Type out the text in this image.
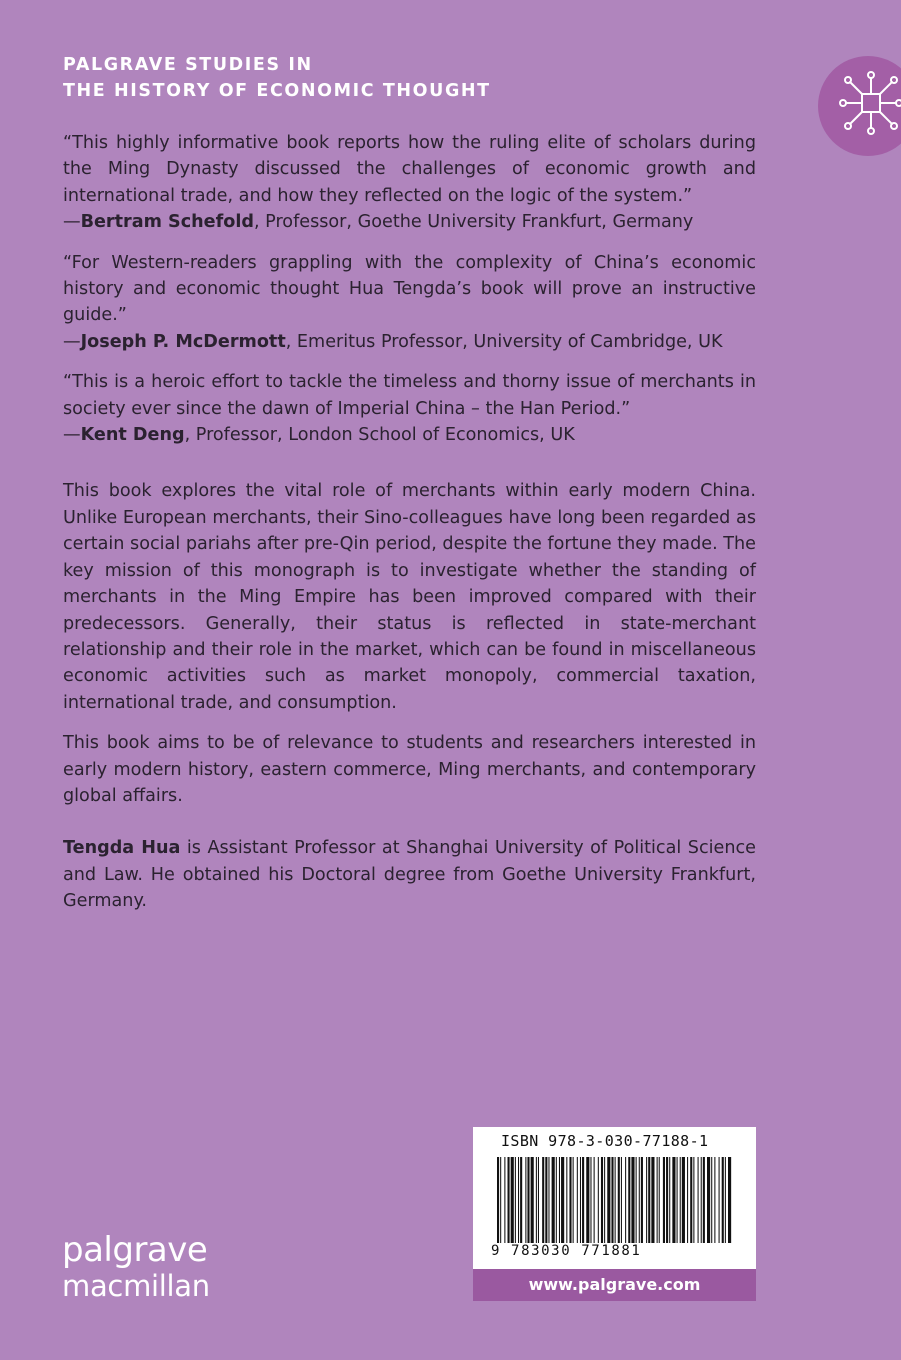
PALGRAVE STUDIES IN
THE HISTORY OF ECONOMIC THOUGHT

“This highly informative book reports how the ruling elite of scholars during the Ming Dynasty discussed the challenges of economic growth and international trade, and how they reflected on the logic of the system.”

—Bertram Schefold, Professor, Goethe University Frankfurt, Germany

“For Western-readers grappling with the complexity of China’s economic history and economic thought Hua Tengda’s book will prove an instructive guide.”

—Joseph P. McDermott, Emeritus Professor, University of Cambridge, UK

“This is a heroic effort to tackle the timeless and thorny issue of merchants in society ever since the dawn of Imperial China – the Han Period.”

—Kent Deng, Professor, London School of Economics, UK

This book explores the vital role of merchants within early modern China. Unlike European merchants, their Sino-colleagues have long been regarded as certain social pariahs after pre-Qin period, despite the fortune they made. The key mission of this monograph is to investigate whether the standing of merchants in the Ming Empire has been improved compared with their predecessors. Generally, their status is reflected in state-merchant relationship and their role in the market, which can be found in miscellaneous economic activities such as market monopoly, commercial taxation, international trade, and consumption.

This book aims to be of relevance to students and researchers interested in early modern history, eastern commerce, Ming merchants, and contemporary global affairs.

Tengda Hua is Assistant Professor at Shanghai University of Political Science and Law. He obtained his Doctoral degree from Goethe University Frankfurt, Germany.
ISBN 978-3-030-77188-1
9 783030 771881
www.palgrave.com
palgrave
macmillan
